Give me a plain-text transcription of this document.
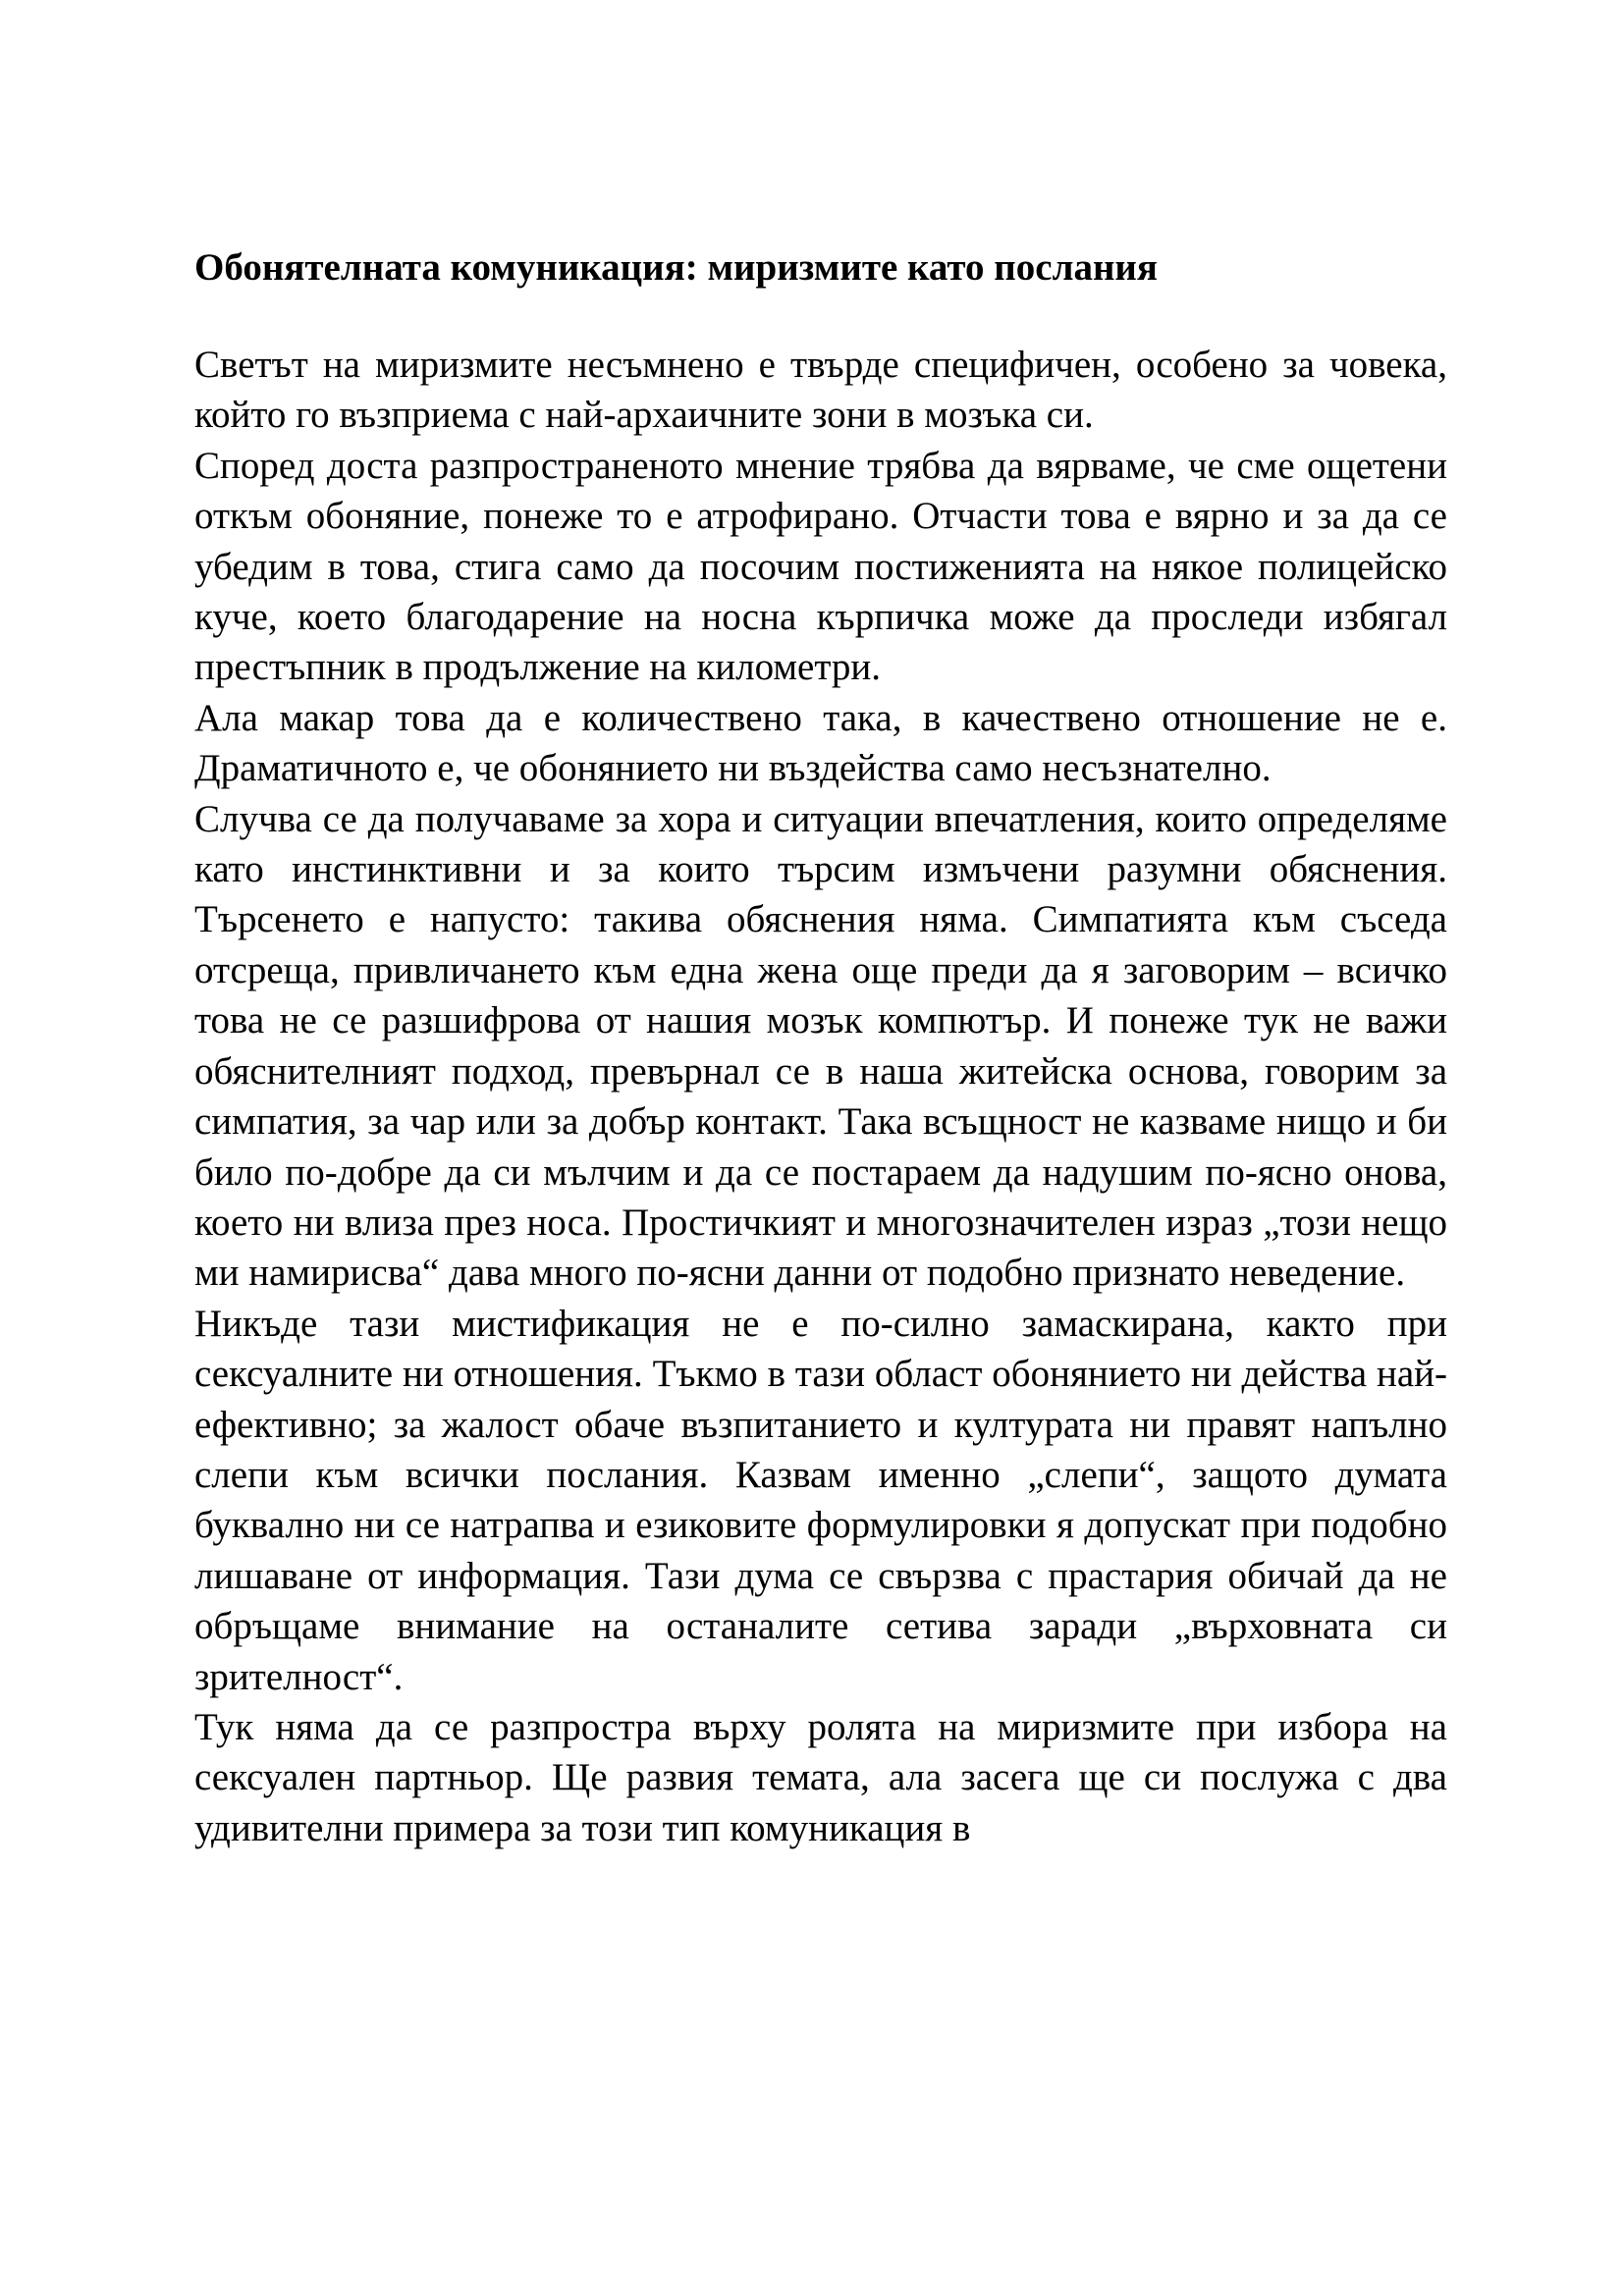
Обонятелната комуникация: миризмите като послания

Светът на миризмите несъмнено е твърде специфичен, особено за човека, който го възприема с най-архаичните зони в мозъка си.

Според доста разпространеното мнение трябва да вярваме, че сме ощетени откъм обоняние, понеже то е атрофирано. Отчасти това е вярно и за да се убедим в това, стига само да посочим постиженията на някое полицейско куче, което благодарение на носна кърпичка може да проследи избягал престъпник в продължение на километри.

Ала макар това да е количествено така, в качествено отношение не е. Драматичното е, че обонянието ни въздейства само несъзнателно.

Случва се да получаваме за хора и ситуации впечатления, които определяме като инстинктивни и за които търсим измъчени разумни обяснения. Търсенето е напусто: такива обяснения няма. Симпатията към съседа отсреща, привличането към една жена още преди да я заговорим – всичко това не се разшифрова от нашия мозък компютър. И понеже тук не важи обяснителният подход, превърнал се в наша житейска основа, говорим за симпатия, за чар или за добър контакт. Така всъщност не казваме нищо и би било по-добре да си мълчим и да се постараем да надушим по-ясно онова, което ни влиза през носа. Простичкият и многозначителен израз „този нещо ми намирисва“ дава много по-ясни данни от подобно признато неведение.

Никъде тази мистификация не е по-силно замаскирана, както при сексуалните ни отношения. Тъкмо в тази област обонянието ни действа най-ефективно; за жалост обаче възпитанието и културата ни правят напълно слепи към всички послания. Казвам именно „слепи“, защото думата буквално ни се натрапва и езиковите формулировки я допускат при подобно лишаване от информация. Тази дума се свързва с прастария обичай да не обръщаме внимание на останалите сетива заради „върховната си зрителност“.

Тук няма да се разпростра върху ролята на миризмите при избора на сексуален партньор. Ще развия темата, ала засега ще си послужа с два удивителни примера за този тип комуникация в
